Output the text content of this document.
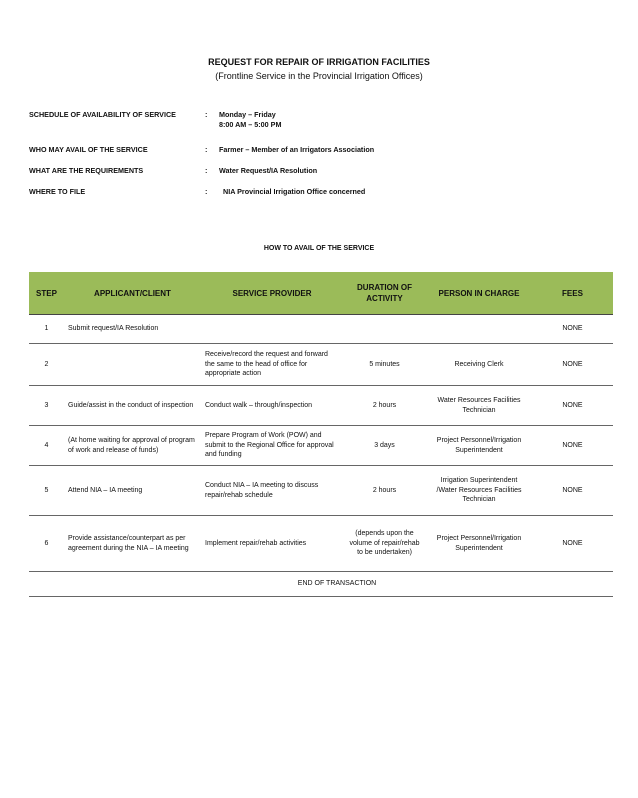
REQUEST FOR REPAIR OF IRRIGATION FACILITIES
(Frontline Service in the Provincial Irrigation Offices)
SCHEDULE OF AVAILABILITY OF SERVICE	: Monday – Friday
8:00 AM – 5:00 PM
WHO MAY AVAIL OF THE SERVICE	: Farmer – Member of an Irrigators Association
WHAT ARE THE REQUIREMENTS	: Water Request/IA Resolution
WHERE TO FILE	: NIA Provincial Irrigation Office concerned
HOW TO AVAIL OF THE SERVICE
STEP	APPLICANT/CLIENT	SERVICE PROVIDER	DURATION OF ACTIVITY	PERSON IN CHARGE	FEES
1	Submit request/IA Resolution				NONE
2		Receive/record the request and forward the same to the head of office for appropriate action	5 minutes	Receiving Clerk	NONE
3	Guide/assist in the conduct of inspection	Conduct walk – through/inspection	2 hours	Water Resources Facilities Technician	NONE
4	(At home waiting for approval of program of work and release of funds)	Prepare Program of Work (POW) and submit to the Regional Office for approval and funding	3 days	Project Personnel/Irrigation Superintendent	NONE
5	Attend NIA – IA meeting	Conduct NIA – IA meeting to discuss repair/rehab schedule	2 hours	Irrigation Superintendent /Water Resources Facilities Technician	NONE
6	Provide assistance/counterpart as per agreement during the NIA – IA meeting	Implement repair/rehab activities	(depends upon the volume of repair/rehab to be undertaken)	Project Personnel/Irrigation Superintendent	NONE
END OF TRANSACTION					
